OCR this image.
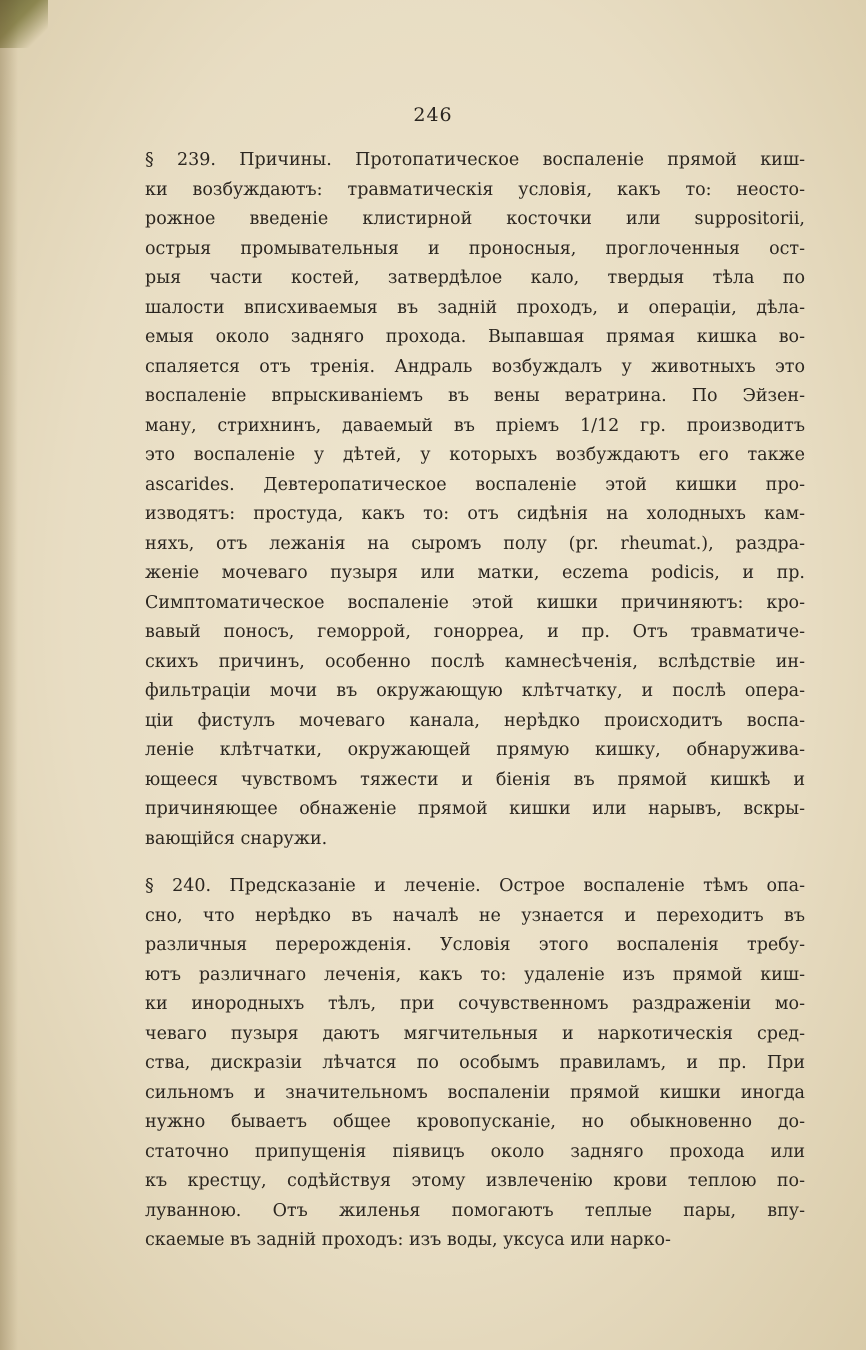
246
§ 239. Причины. Протопатическое воспаленіе прямой киш-
ки возбуждаютъ: травматическія условія, какъ то: неосто-
рожное введеніе клистирной косточки или suppositorii,
острыя промывательныя и проносныя, проглоченныя ост-
рыя части костей, затвердѣлое кало, твердыя тѣла по
шалости вписхиваемыя въ задній проходъ, и операціи, дѣла-
емыя около задняго прохода. Выпавшая прямая кишка во-
спаляется отъ тренія. Андраль возбуждалъ у животныхъ это
воспаленіе впрыскиваніемъ въ вены вератрина. По Эйзен-
ману, стрихнинъ, даваемый въ пріемъ 1/12 гр. производитъ
это воспаленіе у дѣтей, у которыхъ возбуждаютъ его также
ascarides. Девтеропатическое воспаленіе этой кишки про-
изводятъ: простуда, какъ то: отъ сидѣнія на холодныхъ кам-
няхъ, отъ лежанія на сыромъ полу (pr. rheumat.), раздра-
женіе мочеваго пузыря или матки, eczema podicis, и пр.
Симптоматическое воспаленіе этой кишки причиняютъ: кро-
вавый поносъ, геморрой, гонорреа, и пр. Отъ травматиче-
скихъ причинъ, особенно послѣ камнесѣченія, вслѣдствіе ин-
фильтраціи мочи въ окружающую клѣтчатку, и послѣ опера-
ціи фистулъ мочеваго канала, нерѣдко происходитъ воспа-
леніе клѣтчатки, окружающей прямую кишку, обнаружива-
ющееся чувствомъ тяжести и біенія въ прямой кишкѣ и
причиняющее обнаженіе прямой кишки или нарывъ, вскры-
вающійся снаружи.
§ 240. Предсказаніе и леченіе. Острое воспаленіе тѣмъ опа-
сно, что нерѣдко въ началѣ не узнается и переходитъ въ
различныя перерожденія. Условія этого воспаленія требу-
ютъ различнаго леченія, какъ то: удаленіе изъ прямой киш-
ки инородныхъ тѣлъ, при сочувственномъ раздраженіи мо-
чеваго пузыря даютъ мягчительныя и наркотическія сред-
ства, дискразіи лѣчатся по особымъ правиламъ, и пр. При
сильномъ и значительномъ воспаленіи прямой кишки иногда
нужно бываетъ общее кровопусканіе, но обыкновенно до-
статочно припущенія піявицъ около задняго прохода или
къ крестцу, содѣйствуя этому извлеченію крови теплою по-
луванною. Отъ жиленья помогаютъ теплые пары, впу-
скаемые въ задній проходъ: изъ воды, уксуса или нарко-
